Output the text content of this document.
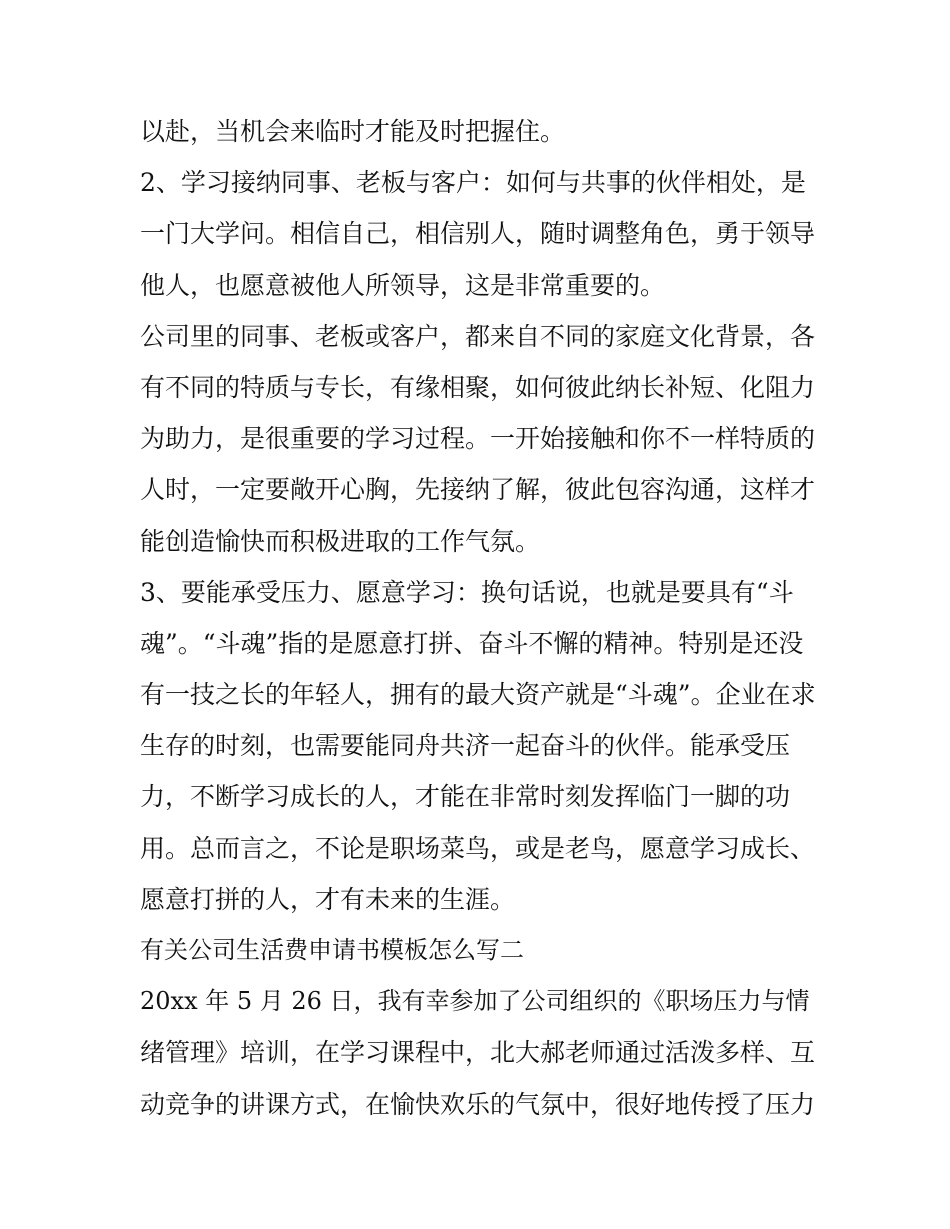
以赴，当机会来临时才能及时把握住。
2、学习接纳同事、老板与客户：如何与共事的伙伴相处，是
一门大学问。相信自己，相信别人，随时调整角色，勇于领导
他人，也愿意被他人所领导，这是非常重要的。
公司里的同事、老板或客户，都来自不同的家庭文化背景，各
有不同的特质与专长，有缘相聚，如何彼此纳长补短、化阻力
为助力，是很重要的学习过程。一开始接触和你不一样特质的
人时，一定要敞开心胸，先接纳了解，彼此包容沟通，这样才
能创造愉快而积极进取的工作气氛。
3、要能承受压力、愿意学习：换句话说，也就是要具有“斗
魂”。“斗魂”指的是愿意打拼、奋斗不懈的精神。特别是还没
有一技之长的年轻人，拥有的最大资产就是“斗魂”。企业在求
生存的时刻，也需要能同舟共济一起奋斗的伙伴。能承受压
力，不断学习成长的人，才能在非常时刻发挥临门一脚的功
用。总而言之，不论是职场菜鸟，或是老鸟，愿意学习成长、
愿意打拼的人，才有未来的生涯。
有关公司生活费申请书模板怎么写二
20xx 年 5 月 26 日，我有幸参加了公司组织的《职场压力与情
绪管理》培训，在学习课程中，北大郝老师通过活泼多样、互
动竞争的讲课方式，在愉快欢乐的气氛中，很好地传授了压力
